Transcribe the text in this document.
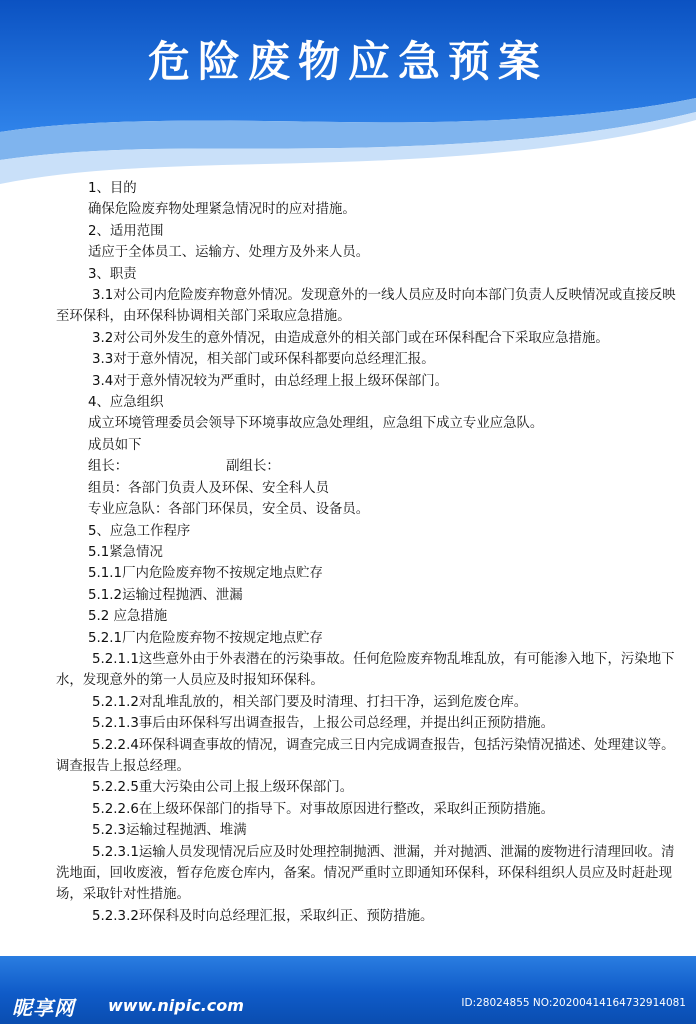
危险废物应急预案
1、目的
确保危险废弃物处理紧急情况时的应对措施。
2、适用范围
适应于全体员工、运输方、处理方及外来人员。
3、职责
3.1对公司内危险废弃物意外情况。发现意外的一线人员应及时向本部门负责人反映情况或直接反映至环保科，由环保科协调相关部门采取应急措施。
3.2对公司外发生的意外情况，由造成意外的相关部门或在环保科配合下采取应急措施。
3.3对于意外情况，相关部门或环保科都要向总经理汇报。
3.4对于意外情况较为严重时，由总经理上报上级环保部门。
4、应急组织
成立环境管理委员会领导下环境事故应急处理组，应急组下成立专业应急队。
成员如下
组长：	副组长：
组员：各部门负责人及环保、安全科人员
专业应急队：各部门环保员，安全员、设备员。
5、应急工作程序
5.1紧急情况
5.1.1厂内危险废弃物不按规定地点贮存
5.1.2运输过程抛洒、泄漏
5.2 应急措施
5.2.1厂内危险废弃物不按规定地点贮存
5.2.1.1这些意外由于外表潜在的污染事故。任何危险废弃物乱堆乱放，有可能渗入地下，污染地下水，发现意外的第一人员应及时报知环保科。
5.2.1.2对乱堆乱放的，相关部门要及时清理、打扫干净，运到危废仓库。
5.2.1.3事后由环保科写出调查报告，上报公司总经理，并提出纠正预防措施。
5.2.2.4环保科调查事故的情况，调查完成三日内完成调查报告，包括污染情况描述、处理建议等。调查报告上报总经理。
5.2.2.5重大污染由公司上报上级环保部门。
5.2.2.6在上级环保部门的指导下。对事故原因进行整改，采取纠正预防措施。
5.2.3运输过程抛洒、堆满
5.2.3.1运输人员发现情况后应及时处理控制抛洒、泄漏，并对抛洒、泄漏的废物进行清理回收。清洗地面，回收废液，暂存危废仓库内，备案。情况严重时立即通知环保科，环保科组织人员应及时赶赴现场，采取针对性措施。
5.2.3.2环保科及时向总经理汇报，采取纠正、预防措施。
昵享网 www.nipic.com	ID:28024855 NO:20200414164732914081
